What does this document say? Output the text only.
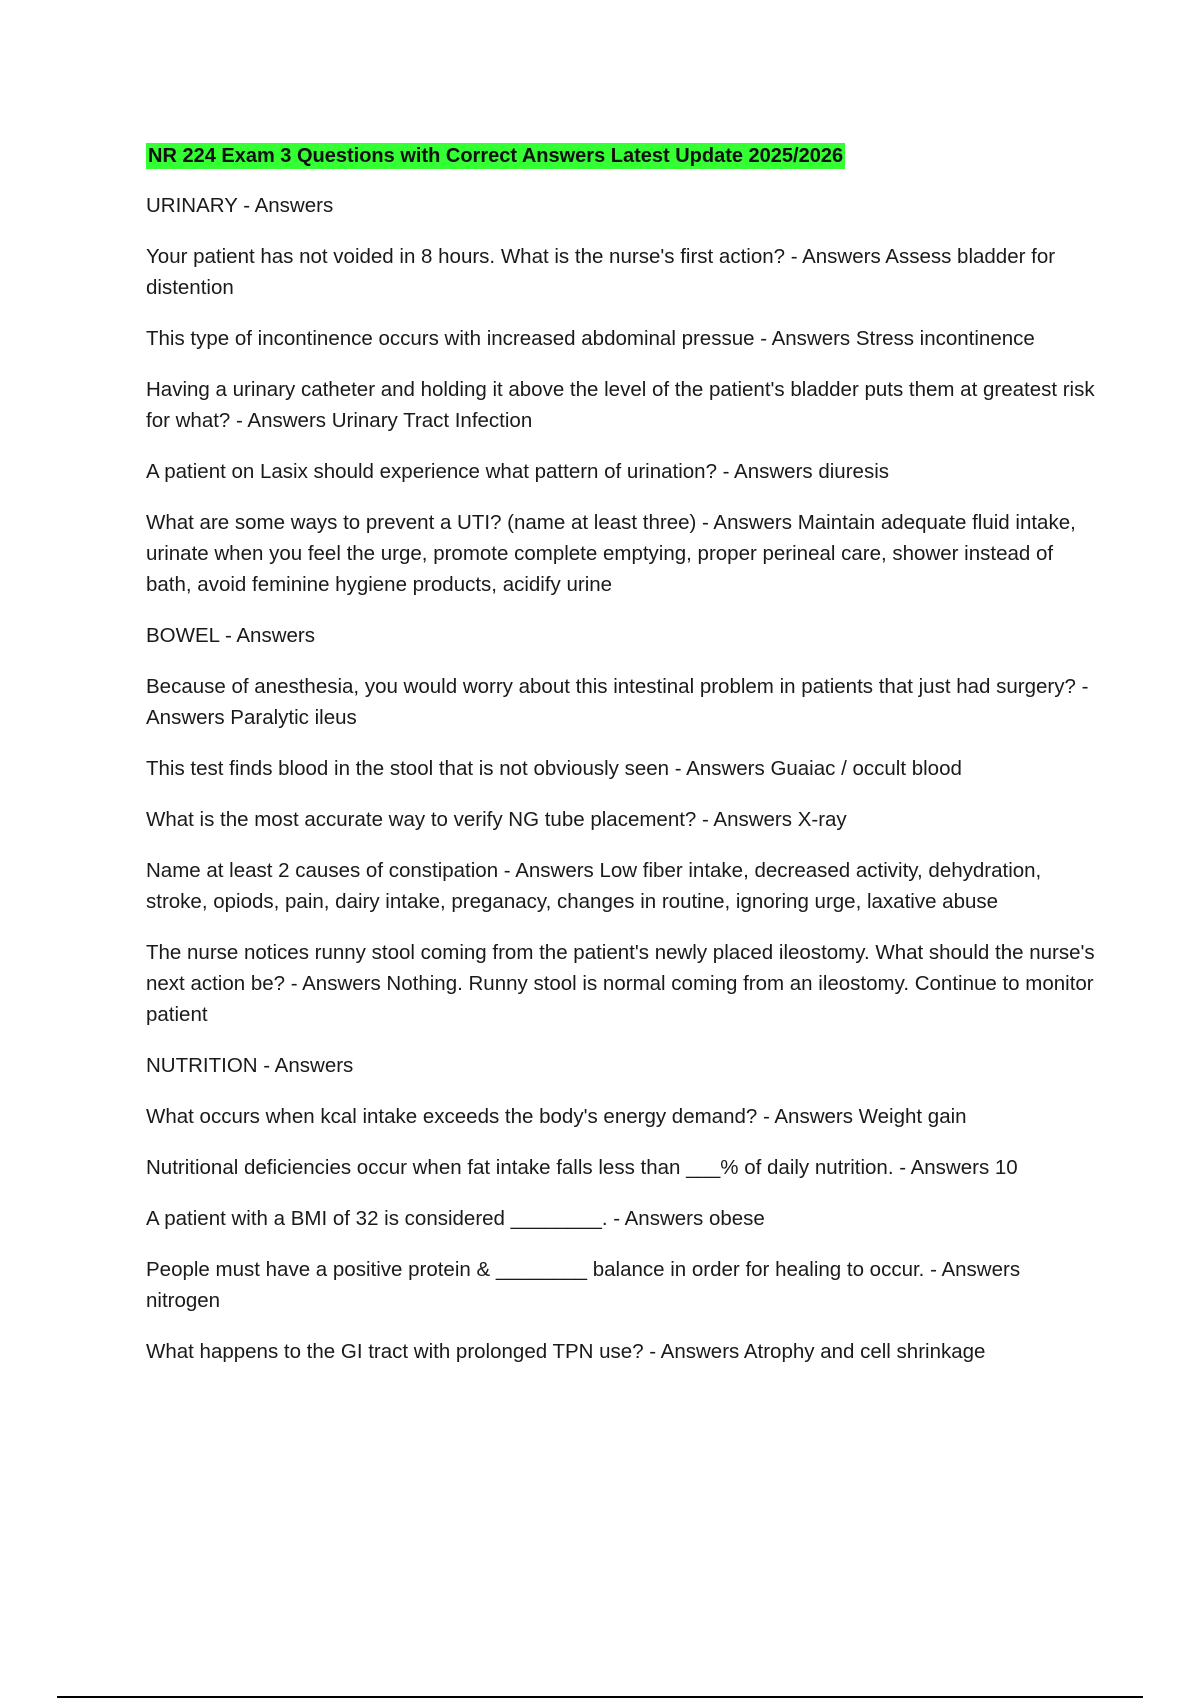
NR 224 Exam 3 Questions with Correct Answers Latest Update 2025/2026

URINARY - Answers

Your patient has not voided in 8 hours. What is the nurse's first action? - Answers Assess bladder for distention

This type of incontinence occurs with increased abdominal pressue - Answers Stress incontinence

Having a urinary catheter and holding it above the level of the patient's bladder puts them at greatest risk for what? - Answers Urinary Tract Infection

A patient on Lasix should experience what pattern of urination? - Answers diuresis

What are some ways to prevent a UTI? (name at least three) - Answers Maintain adequate fluid intake, urinate when you feel the urge, promote complete emptying, proper perineal care, shower instead of bath, avoid feminine hygiene products, acidify urine

BOWEL - Answers

Because of anesthesia, you would worry about this intestinal problem in patients that just had surgery? - Answers Paralytic ileus

This test finds blood in the stool that is not obviously seen - Answers Guaiac / occult blood

What is the most accurate way to verify NG tube placement? - Answers X-ray

Name at least 2 causes of constipation - Answers Low fiber intake, decreased activity, dehydration, stroke, opiods, pain, dairy intake, preganacy, changes in routine, ignoring urge, laxative abuse

The nurse notices runny stool coming from the patient's newly placed ileostomy. What should the nurse's next action be? - Answers Nothing. Runny stool is normal coming from an ileostomy. Continue to monitor patient

NUTRITION - Answers

What occurs when kcal intake exceeds the body's energy demand? - Answers Weight gain

Nutritional deficiencies occur when fat intake falls less than ___% of daily nutrition. - Answers 10

A patient with a BMI of 32 is considered ________. - Answers obese

People must have a positive protein & ________ balance in order for healing to occur. - Answers nitrogen

What happens to the GI tract with prolonged TPN use? - Answers Atrophy and cell shrinkage
